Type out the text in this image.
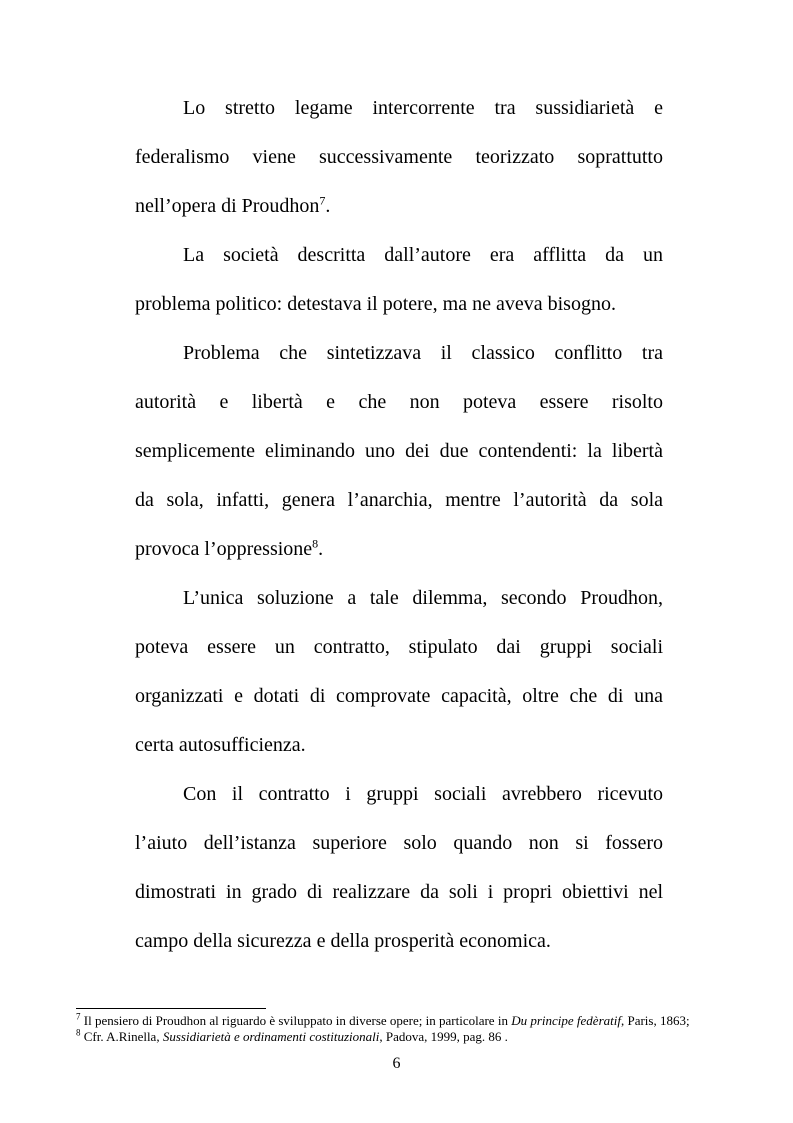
Lo stretto legame intercorrente tra sussidiarietà e
federalismo viene successivamente teorizzato soprattutto
nell’opera di Proudhon$^7$.
La società descritta dall’autore era afflitta da un
problema politico: detestava il potere, ma ne aveva bisogno.
Problema che sintetizzava il classico conflitto tra
autorità e libertà e che non poteva essere risolto
semplicemente eliminando uno dei due contendenti: la libertà
da sola, infatti, genera l’anarchia, mentre l’autorità da sola
provoca l’oppressione$^8$.
L’unica soluzione a tale dilemma, secondo Proudhon,
poteva essere un contratto, stipulato dai gruppi sociali
organizzati e dotati di comprovate capacità, oltre che di una
certa autosufficienza.
Con il contratto i gruppi sociali avrebbero ricevuto
l’aiuto dell’istanza superiore solo quando non si fossero
dimostrati in grado di realizzare da soli i propri obiettivi nel
campo della sicurezza e della prosperità economica.
$^7$ Il pensiero di Proudhon al riguardo è sviluppato in diverse opere; in particolare in Du principe fedèratif, Paris, 1863;
$^8$ Cfr. A.Rinella, Sussidiarietà e ordinamenti costituzionali, Padova, 1999, pag. 86 .
6
